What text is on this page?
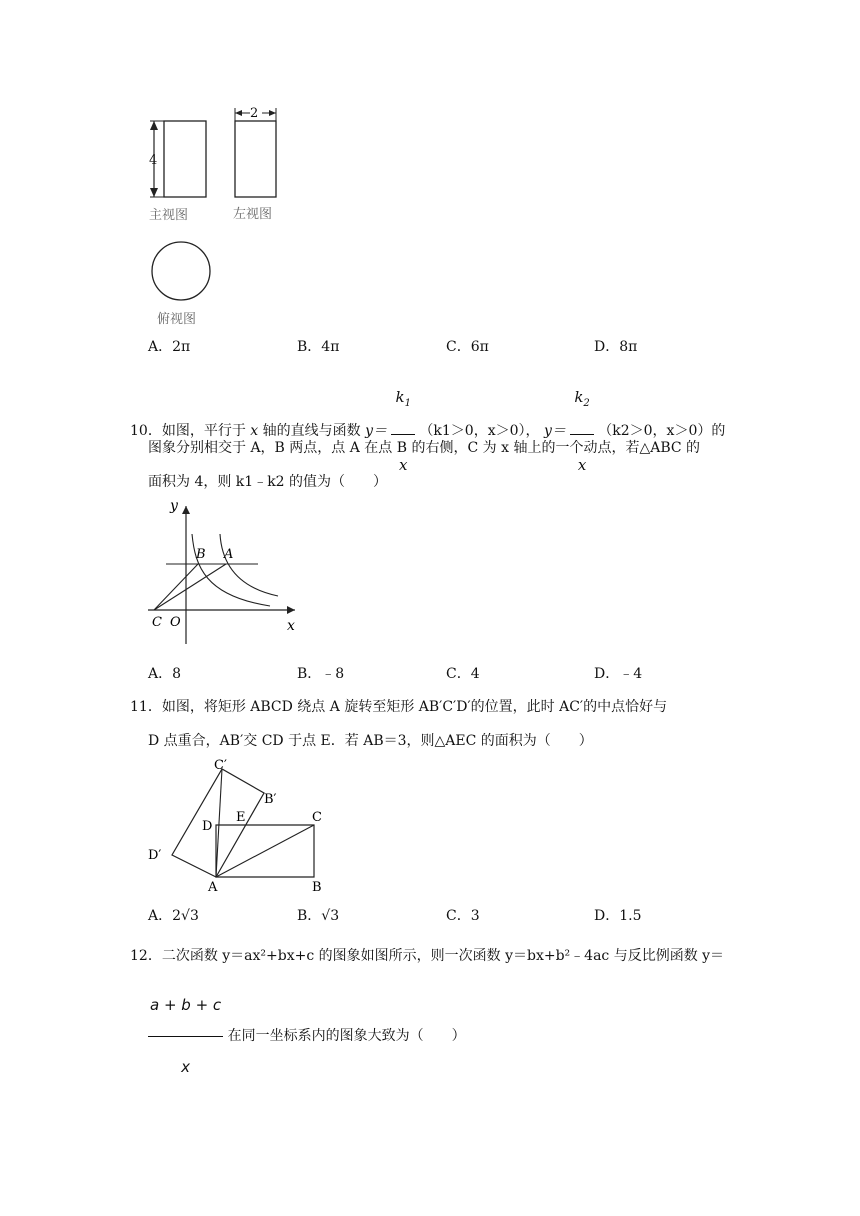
4
主视图
2
左视图
俯视图
A．2π	B．4π	C．6π	D．8π
10．如图，平行于 x 轴的直线与函数 $y= \frac{k_1}{x} (k1>0$，x＞0）， $y= \frac{k_2}{x} (k2>0$，x＞0）的
图象分别相交于 A，B 两点，点 A 在点 B 的右侧，C 为 x 轴上的一个动点，若△ABC 的
面积为 4，则 k1﹣k2 的值为（　　）
y
x
B A
C O
A．8	B．﹣8	C．4	D．﹣4
11．如图，将矩形 ABCD 绕点 A 旋转至矩形 AB′C′D′的位置，此时 AC′的中点恰好与
D 点重合，AB′交 CD 于点 E．若 AB＝3，则△AEC 的面积为（　　）
C′
B′
D
E	C
D′
A	B
A．2√3	B．√3	C．3	D．1.5
12．二次函数 y＝ax²+bx+c 的图象如图所示，则一次函数 y＝bx+b²﹣4ac 与反比例函数 y＝
$\frac{a + b + c}{x}$ 在同一坐标系内的图象大致为（　　）
